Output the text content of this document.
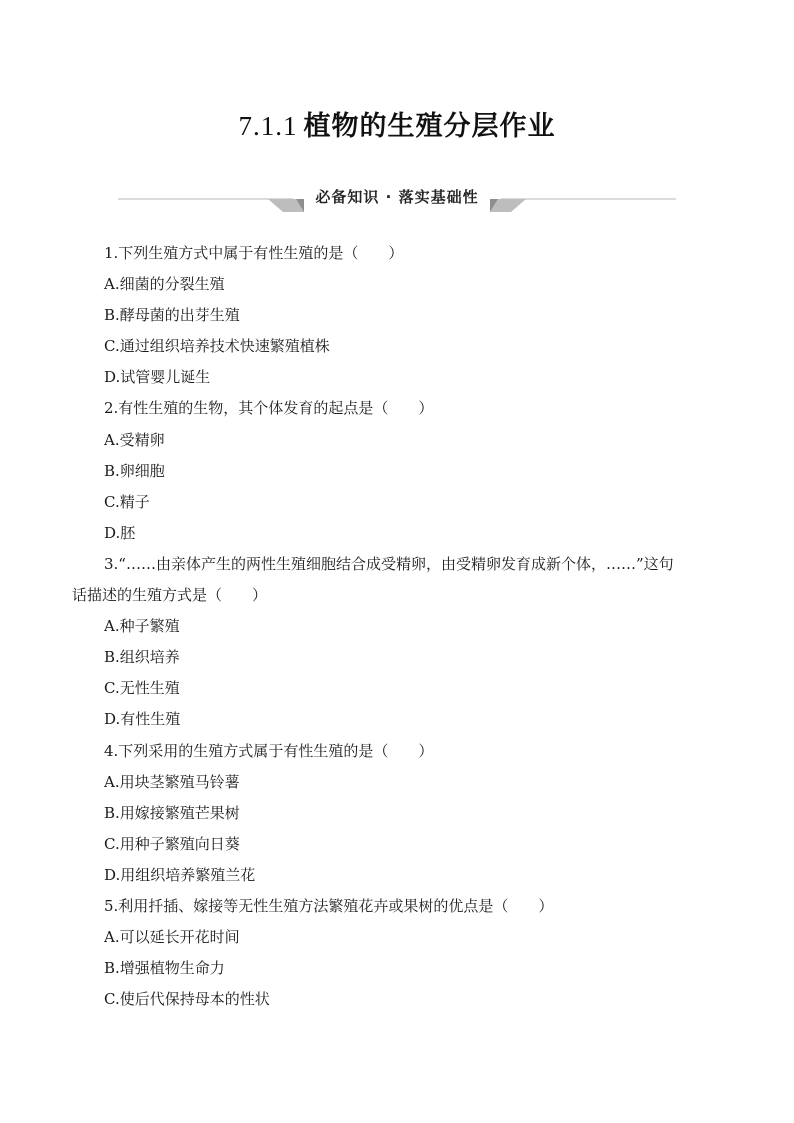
7.1.1 植物的生殖分层作业
必备知识 · 落实基础性
1.下列生殖方式中属于有性生殖的是（　　）
A.细菌的分裂生殖
B.酵母菌的出芽生殖
C.通过组织培养技术快速繁殖植株
D.试管婴儿诞生
2.有性生殖的生物，其个体发育的起点是（　　）
A.受精卵
B.卵细胞
C.精子
D.胚
3.“……由亲体产生的两性生殖细胞结合成受精卵，由受精卵发育成新个体，……”这句
话描述的生殖方式是（　　）
A.种子繁殖
B.组织培养
C.无性生殖
D.有性生殖
4.下列采用的生殖方式属于有性生殖的是（　　）
A.用块茎繁殖马铃薯
B.用嫁接繁殖芒果树
C.用种子繁殖向日葵
D.用组织培养繁殖兰花
5.利用扦插、嫁接等无性生殖方法繁殖花卉或果树的优点是（　　）
A.可以延长开花时间
B.增强植物生命力
C.使后代保持母本的性状
